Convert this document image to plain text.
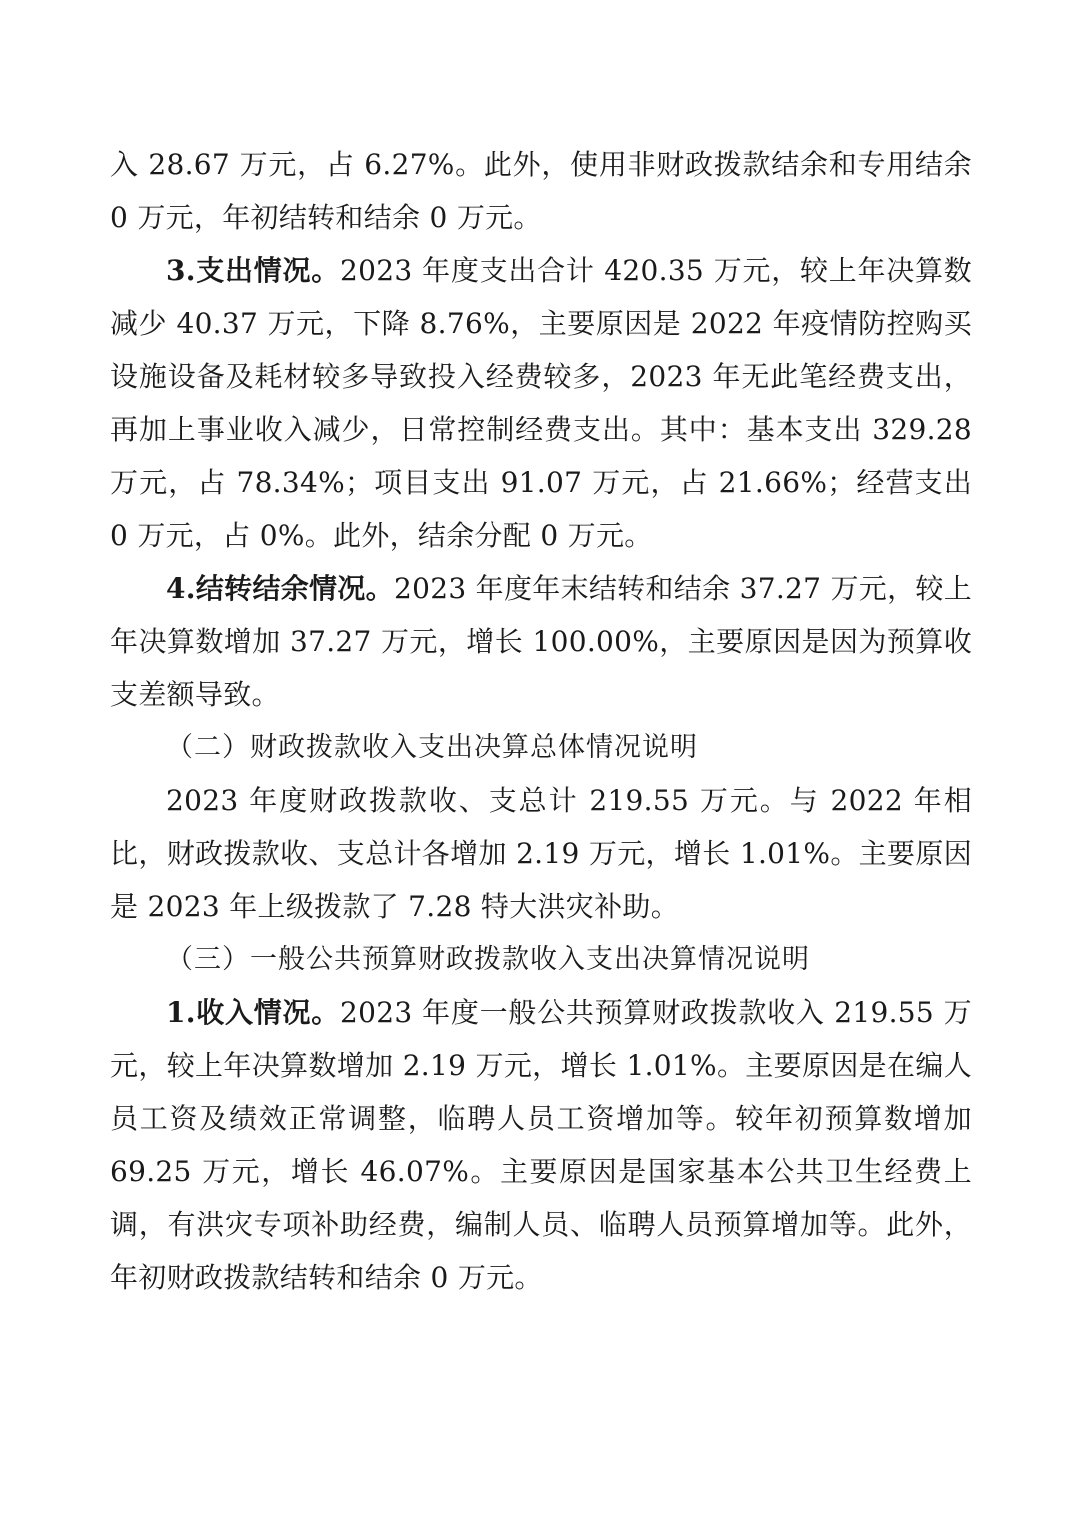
入 28.67 万元，占 6.27%。此外，使用非财政拨款结余和专用结余 0 万元，年初结转和结余 0 万元。

3.支出情况。2023 年度支出合计 420.35 万元，较上年决算数减少 40.37 万元，下降 8.76%，主要原因是 2022 年疫情防控购买设施设备及耗材较多导致投入经费较多，2023 年无此笔经费支出，再加上事业收入减少，日常控制经费支出。其中：基本支出 329.28 万元，占 78.34%；项目支出 91.07 万元，占 21.66%；经营支出 0 万元，占 0%。此外，结余分配 0 万元。

4.结转结余情况。2023 年度年末结转和结余 37.27 万元，较上年决算数增加 37.27 万元，增长 100.00%，主要原因是因为预算收支差额导致。

（二）财政拨款收入支出决算总体情况说明

2023 年度财政拨款收、支总计 219.55 万元。与 2022 年相比，财政拨款收、支总计各增加 2.19 万元，增长 1.01%。主要原因是 2023 年上级拨款了 7.28 特大洪灾补助。

（三）一般公共预算财政拨款收入支出决算情况说明

1.收入情况。2023 年度一般公共预算财政拨款收入 219.55 万元，较上年决算数增加 2.19 万元，增长 1.01%。主要原因是在编人员工资及绩效正常调整，临聘人员工资增加等。较年初预算数增加 69.25 万元，增长 46.07%。主要原因是国家基本公共卫生经费上调，有洪灾专项补助经费，编制人员、临聘人员预算增加等。此外，年初财政拨款结转和结余 0 万元。
